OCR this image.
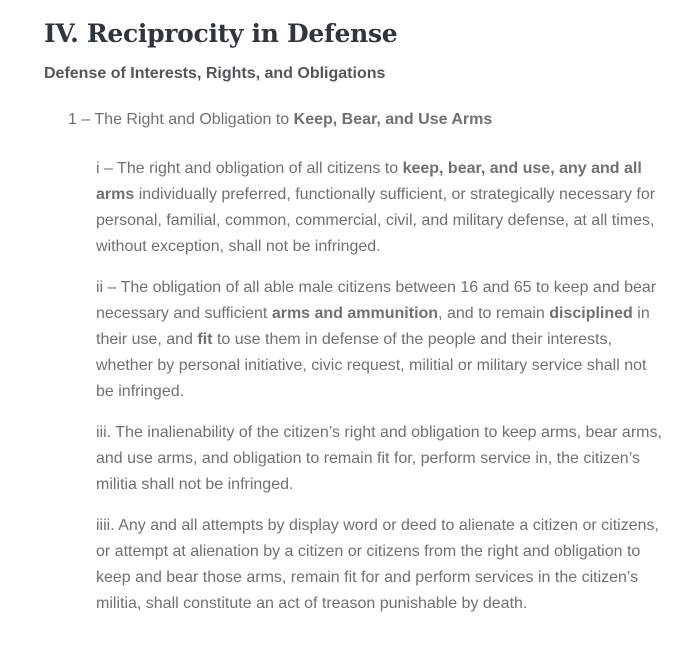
IV. Reciprocity in Defense
Defense of Interests, Rights, and Obligations

1 – The Right and Obligation to Keep, Bear, and Use Arms

i – The right and obligation of all citizens to keep, bear, and use, any and all arms individually preferred, functionally sufficient, or strategically necessary for personal, familial, common, commercial, civil, and military defense, at all times, without exception, shall not be infringed.

ii – The obligation of all able male citizens between 16 and 65 to keep and bear necessary and sufficient arms and ammunition, and to remain disciplined in their use, and fit to use them in defense of the people and their interests, whether by personal initiative, civic request, militial or military service shall not be infringed.

iii. The inalienability of the citizen’s right and obligation to keep arms, bear arms, and use arms, and obligation to remain fit for, perform service in, the citizen’s militia shall not be infringed.

iiii. Any and all attempts by display word or deed to alienate a citizen or citizens, or attempt at alienation by a citizen or citizens from the right and obligation to keep and bear those arms, remain fit for and perform services in the citizen’s militia, shall constitute an act of treason punishable by death.
